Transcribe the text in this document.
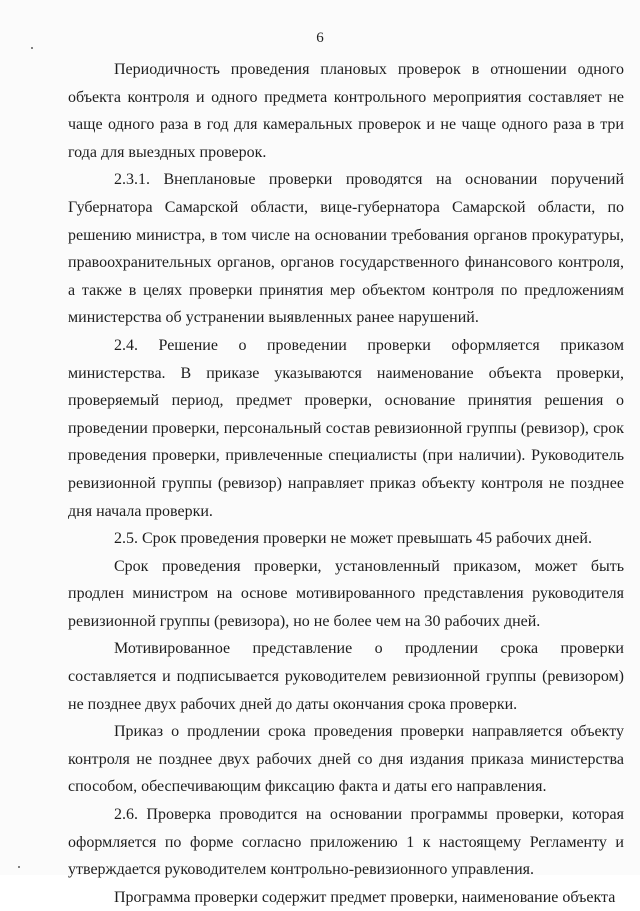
6

Периодичность проведения плановых проверок в отношении одного объекта контроля и одного предмета контрольного мероприятия составляет не чаще одного раза в год для камеральных проверок и не чаще одного раза в три года для выездных проверок.

2.3.1. Внеплановые проверки проводятся на основании поручений Губернатора Самарской области, вице-губернатора Самарской области, по решению министра, в том числе на основании требования органов прокуратуры, правоохранительных органов, органов государственного финансового контроля, а также в целях проверки принятия мер объектом контроля по предложениям министерства об устранении выявленных ранее нарушений.

2.4. Решение о проведении проверки оформляется приказом министерства. В приказе указываются наименование объекта проверки, проверяемый период, предмет проверки, основание принятия решения о проведении проверки, персональный состав ревизионной группы (ревизор), срок проведения проверки, привлеченные специалисты (при наличии). Руководитель ревизионной группы (ревизор) направляет приказ объекту контроля не позднее дня начала проверки.

2.5. Срок проведения проверки не может превышать 45 рабочих дней.

Срок проведения проверки, установленный приказом, может быть продлен министром на основе мотивированного представления руководителя ревизионной группы (ревизора), но не более чем на 30 рабочих дней.

Мотивированное представление о продлении срока проверки составляется и подписывается руководителем ревизионной группы (ревизором) не позднее двух рабочих дней до даты окончания срока проверки.

Приказ о продлении срока проведения проверки направляется объекту контроля не позднее двух рабочих дней со дня издания приказа министерства способом, обеспечивающим фиксацию факта и даты его направления.

2.6. Проверка проводится на основании программы проверки, которая оформляется по форме согласно приложению 1 к настоящему Регламенту и утверждается руководителем контрольно-ревизионного управления.

Программа проверки содержит предмет проверки, наименование объекта
